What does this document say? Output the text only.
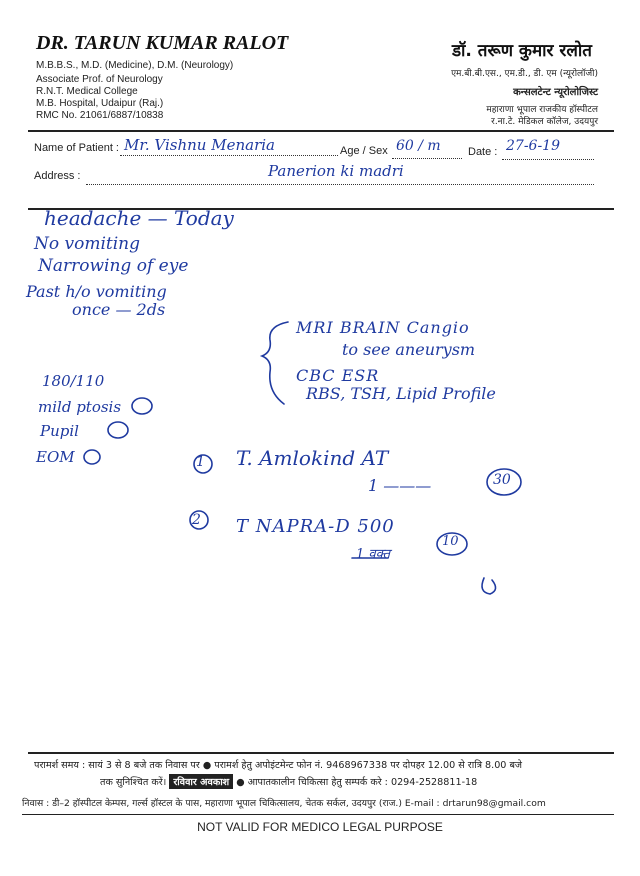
DR. TARUN KUMAR RALOT
M.B.B.S., M.D. (Medicine), D.M. (Neurology)
Associate Prof. of Neurology
R.N.T. Medical College
M.B. Hospital, Udaipur (Raj.)
RMC No. 21061/6887/10838
डॉ. तरूण कुमार रलोत
एम.बी.बी.एस., एम.डी., डी. एम (न्यूरोलॉजी)
कन्सलटेन्ट न्यूरोलोजिस्ट
महाराणा भूपाल राजकीय हॉस्पीटल
र.ना.टे. मेडिकल कॉलेज, उदयपुर
Name of Patient : Mr. Vishnu Menaria	Age / Sex 60 / m Date : 27-6-19
Address :	Panerion ki madri
headache — Today
No vomiting
Narrowing of eye
Past h/o vomiting
once — 2ds
MRI BRAIN Cangio
to see aneurysm
CBC ESR
RBS, TSH, Lipid Profile
180/110
mild ptosis
Pupil
EOM	1 T. Amlokind AT
1 ———	30
2 T NAPRA-D 500
1 वक्त
10
परामर्श समय : सायं 3 से 8 बजे तक निवास पर ● परामर्श हेतु अपोइंटमेन्ट फोन नं. 9468967338 पर दोपहर 12.00 से रात्रि 8.00 बजे
तक सुनिश्चित करें। रविवार अवकाश ● आपातकालीन चिकित्सा हेतु सम्पर्क करे : 0294-2528811-18
निवास : डी–2 हॉस्पीटल केम्पस, गर्ल्स हॉस्टल के पास, महाराणा भूपाल चिकित्सालय, चेतक सर्कल, उदयपुर (राज.) E-mail : drtarun98@gmail.com
NOT VALID FOR MEDICO LEGAL PURPOSE
